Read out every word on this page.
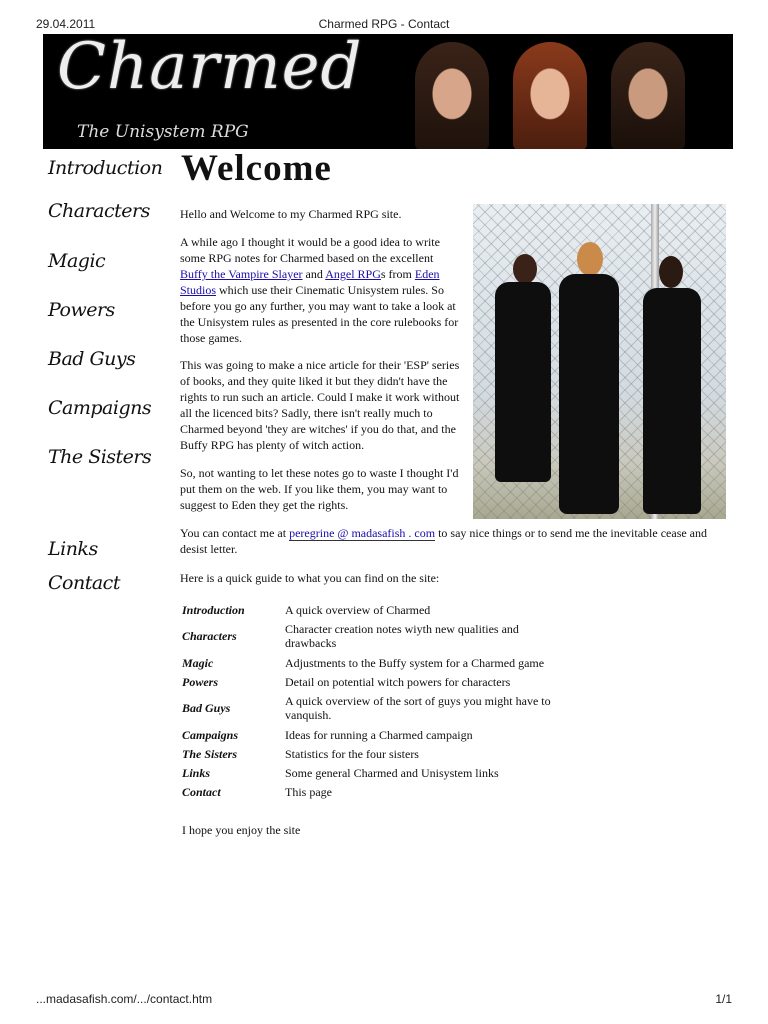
29.04.2011	Charmed RPG - Contact
Charmed
The Unisystem RPG
Introduction
Characters
Magic
Powers
Bad Guys
Campaigns
The Sisters
Links
Contact
Welcome

Hello and Welcome to my Charmed RPG site.

A while ago I thought it would be a good idea to write some RPG notes for Charmed based on the excellent Buffy the Vampire Slayer and Angel RPGs from Eden Studios which use their Cinematic Unisystem rules. So before you go any further, you may want to take a look at the Unisystem rules as presented in the core rulebooks for those games.

This was going to make a nice article for their 'ESP' series of books, and they quite liked it but they didn't have the rights to run such an article. Could I make it work without all the licenced bits? Sadly, there isn't really much to Charmed beyond 'they are witches' if you do that, and the Buffy RPG has plenty of witch action.

So, not wanting to let these notes go to waste I thought I'd put them on the web. If you like them, you may want to suggest to Eden they get the rights.

You can contact me at peregrine @ madasafish . com to say nice things or to send me the inevitable cease and desist letter.

Here is a quick guide to what you can find on the site:

Introduction	A quick overview of Charmed
Characters	Character creation notes wiyth new qualities and drawbacks
Magic	Adjustments to the Buffy system for a Charmed game
Powers	Detail on potential witch powers for characters
Bad Guys	A quick overview of the sort of guys you might have to vanquish.
Campaigns	Ideas for running a Charmed campaign
The Sisters	Statistics for the four sisters
Links	Some general Charmed and Unisystem links
Contact	This page
I hope you enjoy the site
...madasafish.com/.../contact.htm	1/1
